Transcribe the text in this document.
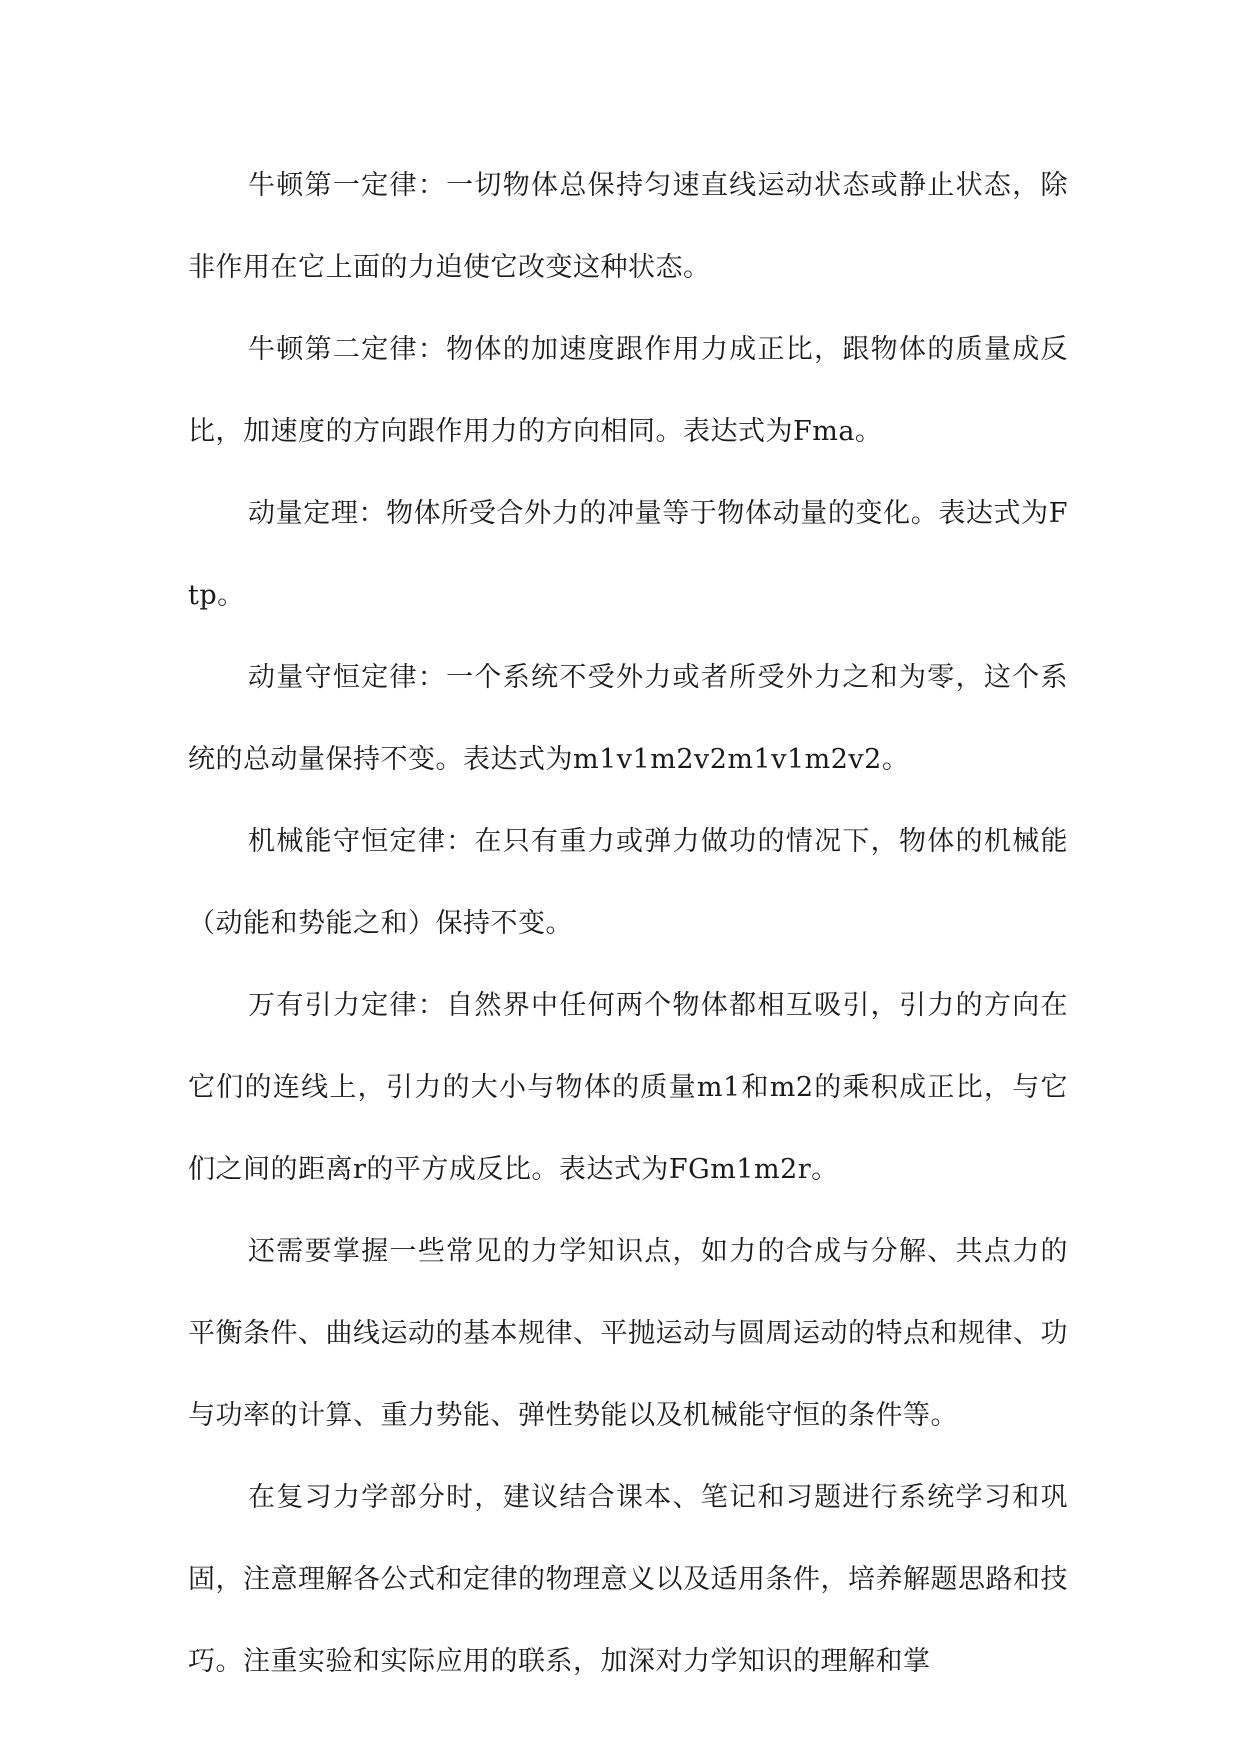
牛顿第一定律：一切物体总保持匀速直线运动状态或静止状态，除非作用在它上面的力迫使它改变这种状态。

牛顿第二定律：物体的加速度跟作用力成正比，跟物体的质量成反比，加速度的方向跟作用力的方向相同。表达式为Fma。

动量定理：物体所受合外力的冲量等于物体动量的变化。表达式为Ftp。

动量守恒定律：一个系统不受外力或者所受外力之和为零，这个系统的总动量保持不变。表达式为m1v1m2v2m1v1m2v2。

机械能守恒定律：在只有重力或弹力做功的情况下，物体的机械能（动能和势能之和）保持不变。

万有引力定律：自然界中任何两个物体都相互吸引，引力的方向在它们的连线上，引力的大小与物体的质量m1和m2的乘积成正比，与它们之间的距离r的平方成反比。表达式为FGm1m2r。

还需要掌握一些常见的力学知识点，如力的合成与分解、共点力的平衡条件、曲线运动的基本规律、平抛运动与圆周运动的特点和规律、功与功率的计算、重力势能、弹性势能以及机械能守恒的条件等。

在复习力学部分时，建议结合课本、笔记和习题进行系统学习和巩固，注意理解各公式和定律的物理意义以及适用条件，培养解题思路和技巧。注重实验和实际应用的联系，加深对力学知识的理解和掌
